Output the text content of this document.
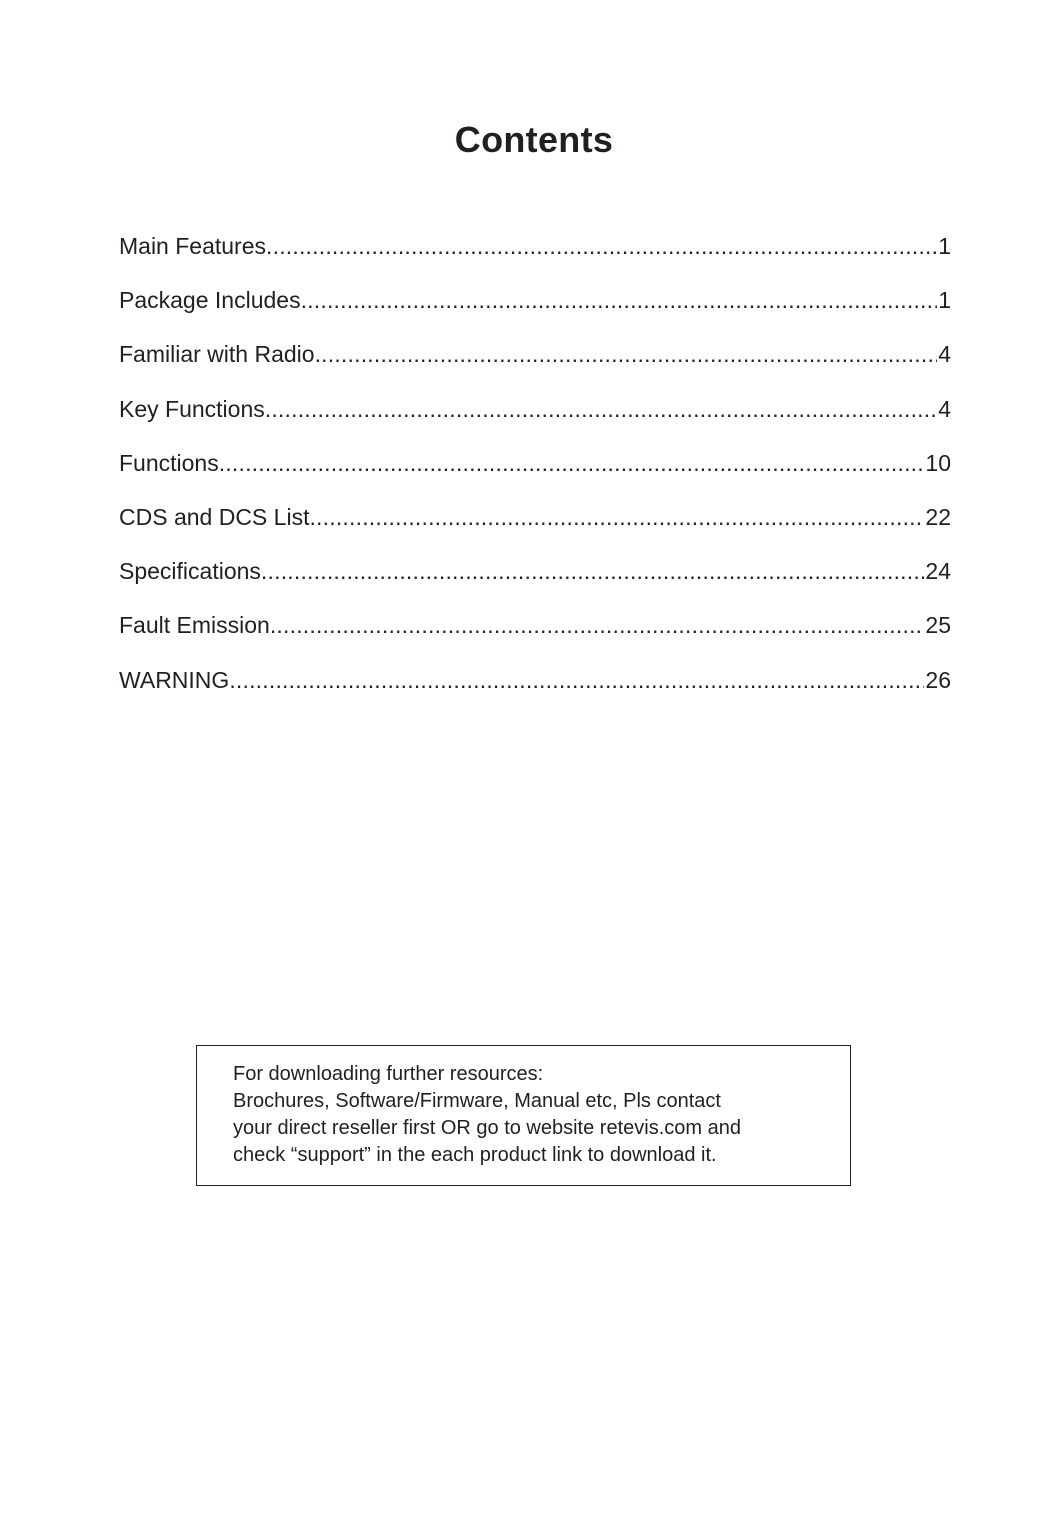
Contents
Main Features .....	1
Package Includes .....	1
Familiar with Radio .....	4
Key Functions .....	4
Functions .....	10
CDS and DCS List .....	22
Specifications .....	24
Fault Emission .....	25
WARNING .....	26
For downloading further resources:
Brochures, Software/Firmware, Manual etc, Pls contact
your direct reseller first OR go to website retevis.com and
check “support” in the each product link to download it.
